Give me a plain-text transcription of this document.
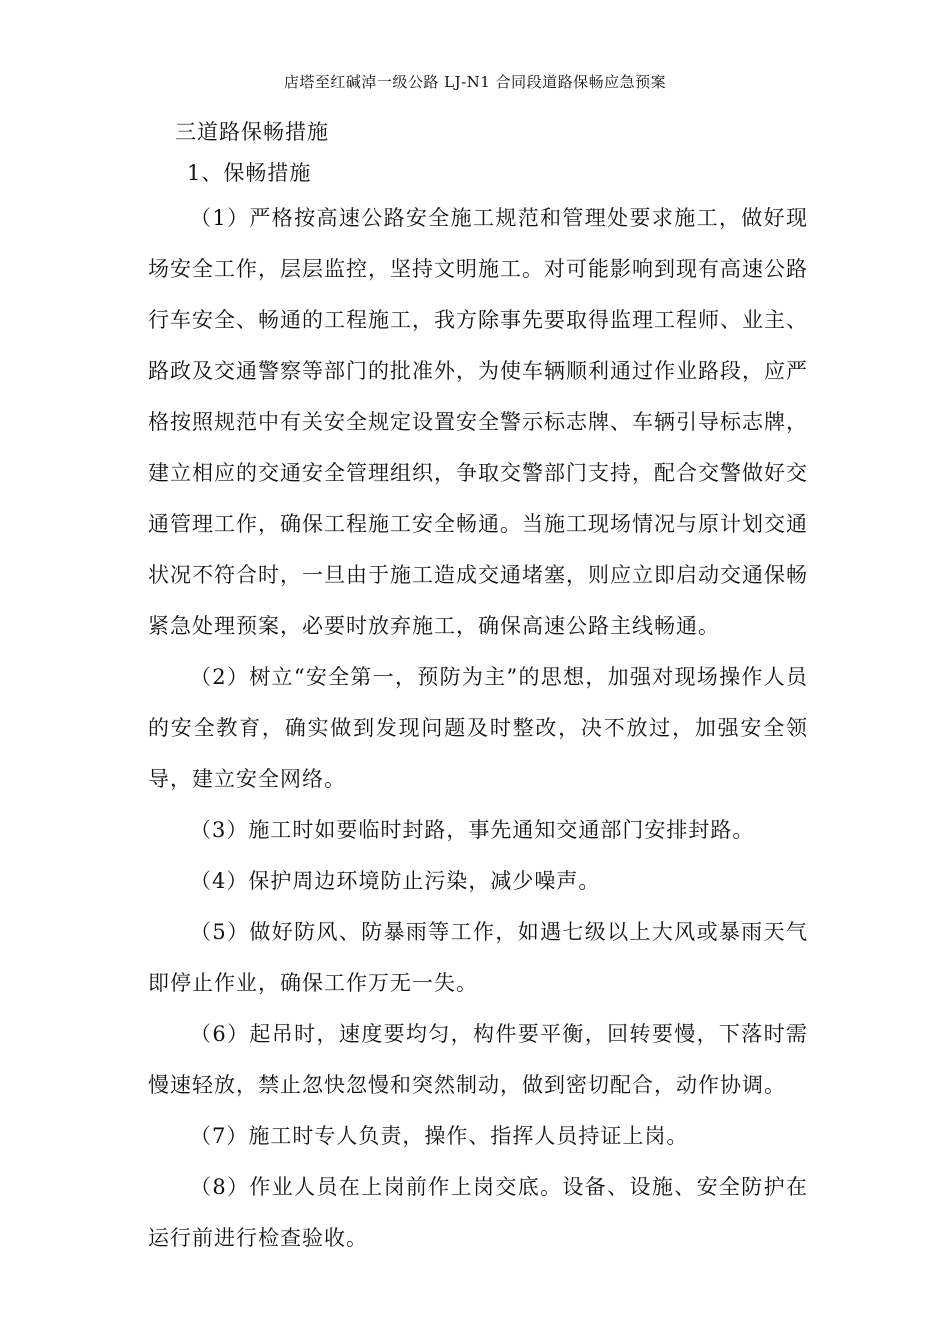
店塔至红碱淖一级公路 LJ-N1 合同段道路保畅应急预案
三道路保畅措施
1、保畅措施

（1）严格按高速公路安全施工规范和管理处要求施工，做好现场安全工作，层层监控，坚持文明施工。对可能影响到现有高速公路行车安全、畅通的工程施工，我方除事先要取得监理工程师、业主、路政及交通警察等部门的批准外，为使车辆顺利通过作业路段，应严格按照规范中有关安全规定设置安全警示标志牌、车辆引导标志牌，建立相应的交通安全管理组织，争取交警部门支持，配合交警做好交通管理工作，确保工程施工安全畅通。当施工现场情况与原计划交通状况不符合时，一旦由于施工造成交通堵塞，则应立即启动交通保畅紧急处理预案，必要时放弃施工，确保高速公路主线畅通。

（2）树立“安全第一，预防为主”的思想，加强对现场操作人员的安全教育，确实做到发现问题及时整改，决不放过，加强安全领导，建立安全网络。

（3）施工时如要临时封路，事先通知交通部门安排封路。

（4）保护周边环境防止污染，减少噪声。

（5）做好防风、防暴雨等工作，如遇七级以上大风或暴雨天气即停止作业，确保工作万无一失。

（6）起吊时，速度要均匀，构件要平衡，回转要慢，下落时需慢速轻放，禁止忽快忽慢和突然制动，做到密切配合，动作协调。

（7）施工时专人负责，操作、指挥人员持证上岗。

（8）作业人员在上岗前作上岗交底。设备、设施、安全防护在运行前进行检查验收。
